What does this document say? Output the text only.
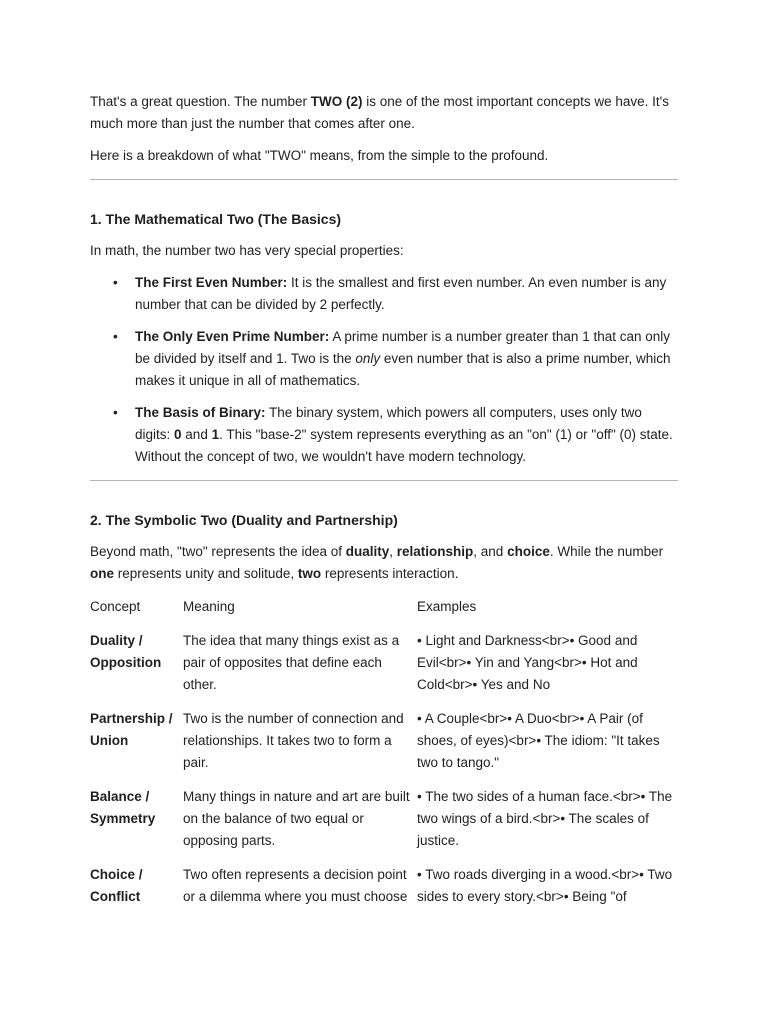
That's a great question. The number TWO (2) is one of the most important concepts we have. It's much more than just the number that comes after one.

Here is a breakdown of what "TWO" means, from the simple to the profound.

1. The Mathematical Two (The Basics)

In math, the number two has very special properties:

• The First Even Number: It is the smallest and first even number. An even number is any number that can be divided by 2 perfectly.
• The Only Even Prime Number: A prime number is a number greater than 1 that can only be divided by itself and 1. Two is the only even number that is also a prime number, which makes it unique in all of mathematics.
• The Basis of Binary: The binary system, which powers all computers, uses only two digits: 0 and 1. This "base-2" system represents everything as an "on" (1) or "off" (0) state. Without the concept of two, we wouldn't have modern technology.
2. The Symbolic Two (Duality and Partnership)

Beyond math, "two" represents the idea of duality, relationship, and choice. While the number one represents unity and solitude, two represents interaction.

Concept	Meaning	Examples
Duality / Opposition	The idea that many things exist as a pair of opposites that define each other.	• Light and Darkness<br>• Good and Evil<br>• Yin and Yang<br>• Hot and Cold<br>• Yes and No
Partnership / Union	Two is the number of connection and relationships. It takes two to form a pair.	• A Couple<br>• A Duo<br>• A Pair (of shoes, of eyes)<br>• The idiom: "It takes two to tango."
Balance / Symmetry	Many things in nature and art are built on the balance of two equal or opposing parts.	• The two sides of a human face.<br>• The two wings of a bird.<br>• The scales of justice.
Choice / Conflict	Two often represents a decision point or a dilemma where you must choose	• Two roads diverging in a wood.<br>• Two sides to every story.<br>• Being "of
